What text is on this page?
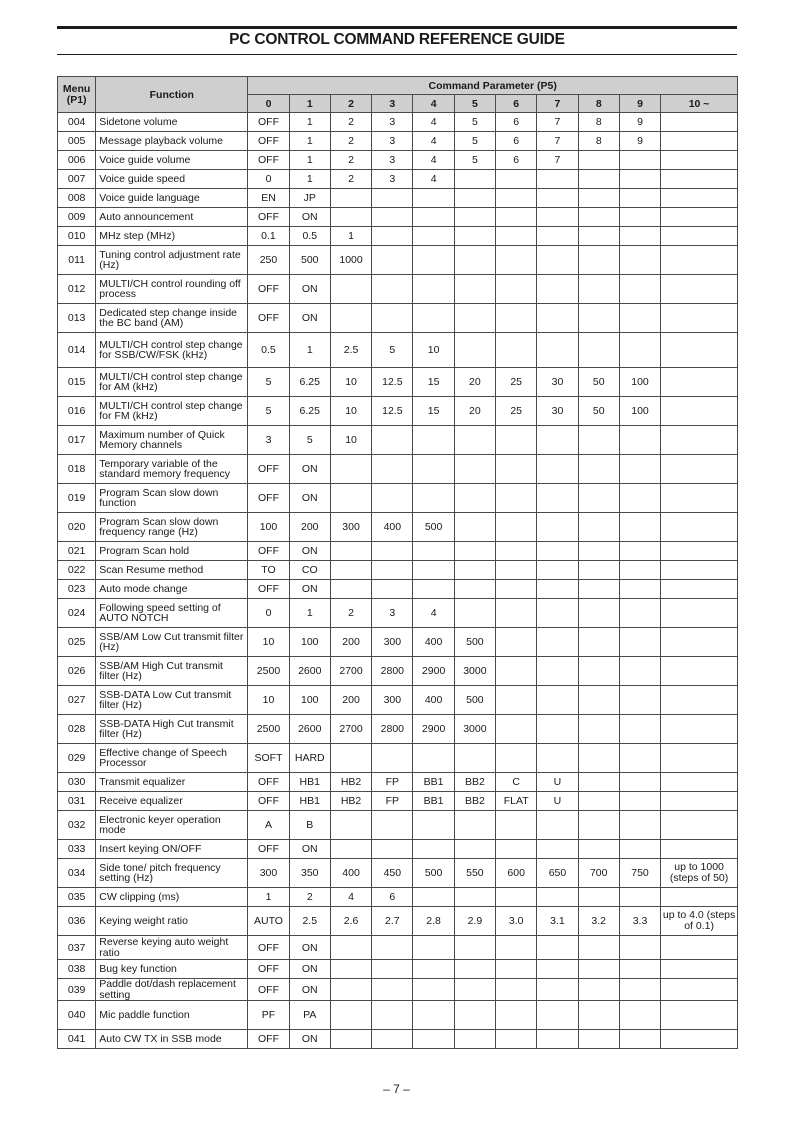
PC CONTROL COMMAND REFERENCE GUIDE
Menu
(P1)	Function	Command Parameter (P5)										
		0	1	2	3	4	5	6	7	8	9	10 ~
004	Sidetone volume	OFF	1	2	3	4	5	6	7	8	9	
005	Message playback volume	OFF	1	2	3	4	5	6	7	8	9	
006	Voice guide volume	OFF	1	2	3	4	5	6	7			
007	Voice guide speed	0	1	2	3	4						
008	Voice guide language	EN	JP									
009	Auto announcement	OFF	ON									
010	MHz step (MHz)	0.1	0.5	1								
011	Tuning control adjustment rate (Hz)	250	500	1000								
012	MULTI/CH control rounding off process	OFF	ON									
013	Dedicated step change inside the BC band (AM)	OFF	ON									
014	MULTI/CH control step change for SSB/CW/FSK (kHz)	0.5	1	2.5	5	10						
015	MULTI/CH control step change for AM (kHz)	5	6.25	10	12.5	15	20	25	30	50	100	
016	MULTI/CH control step change for FM (kHz)	5	6.25	10	12.5	15	20	25	30	50	100	
017	Maximum number of Quick Memory channels	3	5	10								
018	Temporary variable of the standard memory frequency	OFF	ON									
019	Program Scan slow down function	OFF	ON									
020	Program Scan slow down frequency range (Hz)	100	200	300	400	500						
021	Program Scan hold	OFF	ON									
022	Scan Resume method	TO	CO									
023	Auto mode change	OFF	ON									
024	Following speed setting of AUTO NOTCH	0	1	2	3	4						
025	SSB/AM Low Cut transmit filter (Hz)	10	100	200	300	400	500					
026	SSB/AM High Cut transmit filter (Hz)	2500	2600	2700	2800	2900	3000					
027	SSB-DATA Low Cut transmit filter (Hz)	10	100	200	300	400	500					
028	SSB-DATA High Cut transmit filter (Hz)	2500	2600	2700	2800	2900	3000					
029	Effective change of Speech Processor	SOFT	HARD									
030	Transmit equalizer	OFF	HB1	HB2	FP	BB1	BB2	C	U			
031	Receive equalizer	OFF	HB1	HB2	FP	BB1	BB2	FLAT	U			
032	Electronic keyer operation mode	A	B									
033	Insert keying ON/OFF	OFF	ON									
034	Side tone/ pitch frequency setting (Hz)	300	350	400	450	500	550	600	650	700	750	up to 1000 (steps of 50)
035	CW clipping (ms)	1	2	4	6							
036	Keying weight ratio	AUTO	2.5	2.6	2.7	2.8	2.9	3.0	3.1	3.2	3.3	up to 4.0 (steps of 0.1)
037	Reverse keying auto weight ratio	OFF	ON									
038	Bug key function	OFF	ON									
039	Paddle dot/dash replacement setting	OFF	ON									
040	Mic paddle function	PF	PA									
041	Auto CW TX in SSB mode	OFF	ON									
– 7 –
